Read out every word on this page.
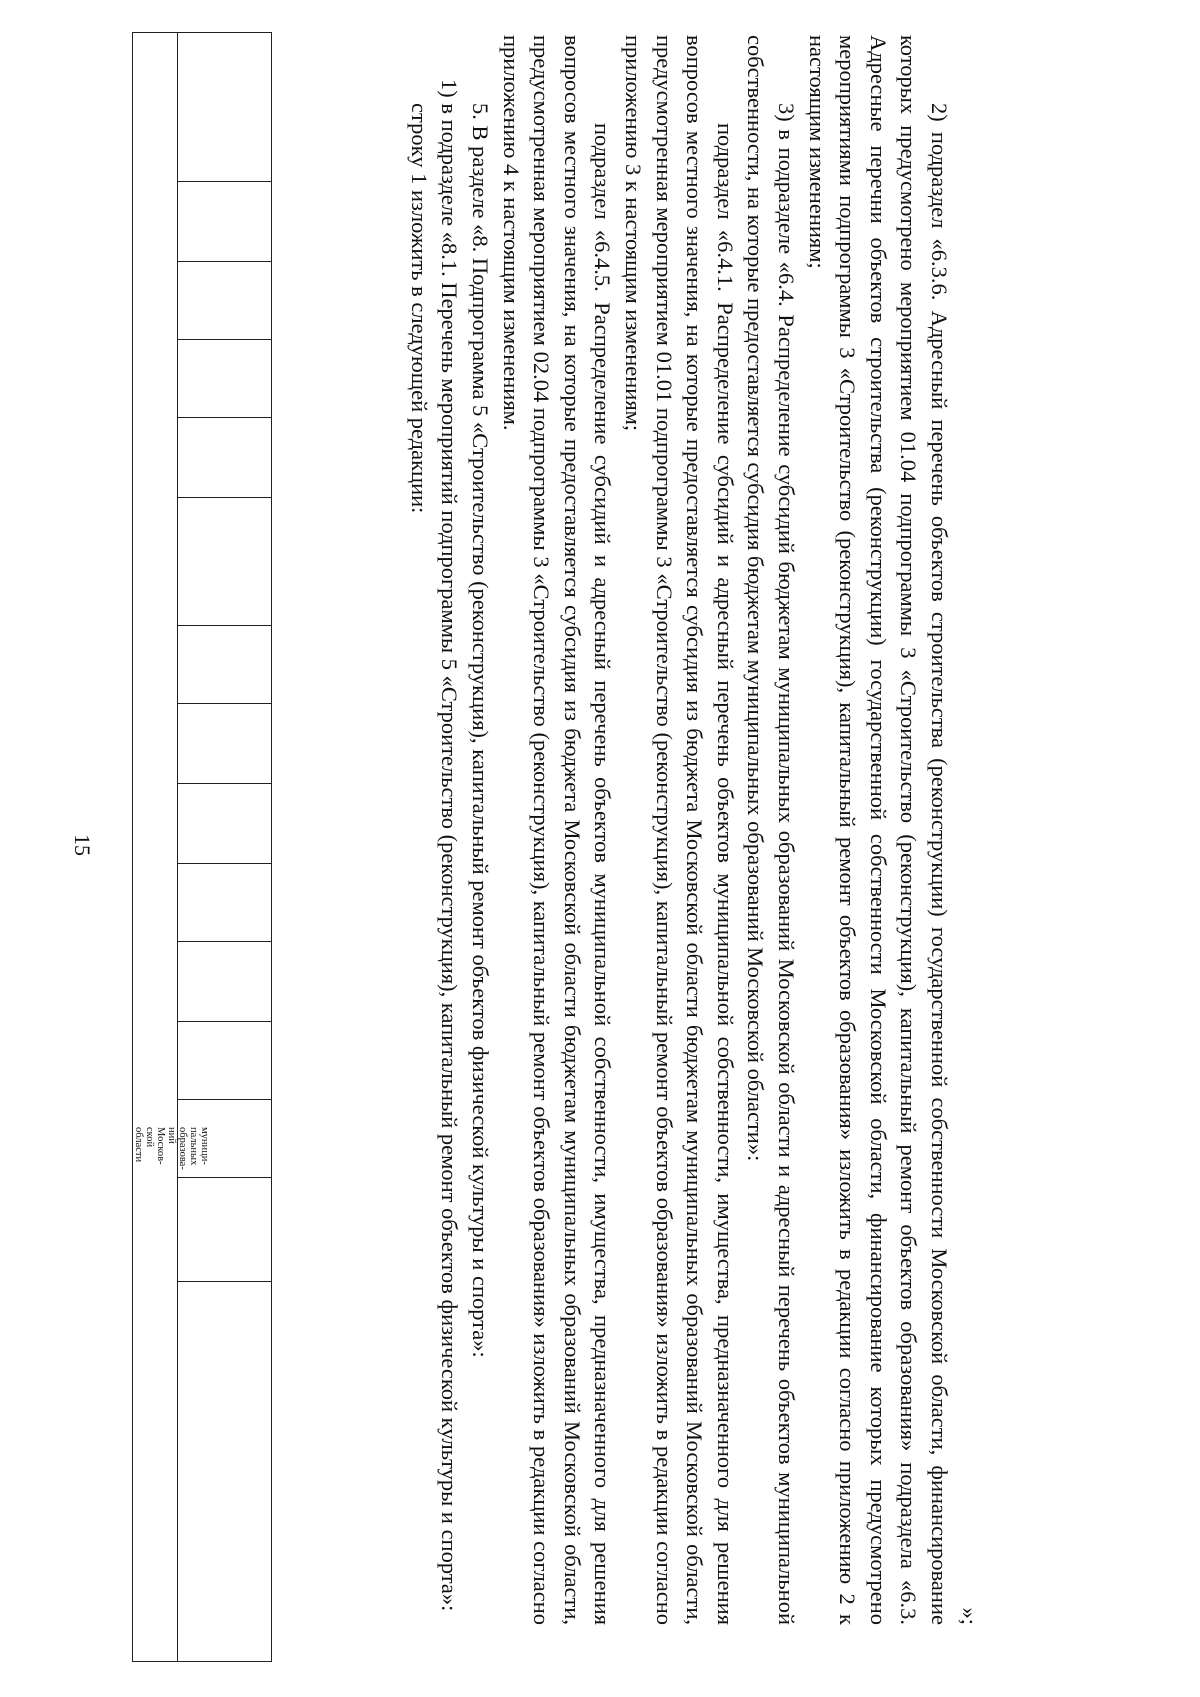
15
муници-
пальных
образова-
ний
Москов-
ской
области
»;

2) подраздел «6.3.6. Адресный перечень объектов строительства (реконструкции) государственной собственности Московской области, финансирование которых предусмотрено мероприятием 01.04 подпрограммы 3 «Строительство (реконструкция), капитальный ремонт объектов образования» подраздела «6.3. Адресные перечни объектов строительства (реконструкции) государственной собственности Московской области, финансирование которых предусмотрено мероприятиями подпрограммы 3 «Строительство (реконструкция), капитальный ремонт объектов образования» изложить в редакции согласно приложению 2 к настоящим изменениям;

3) в подразделе «6.4. Распределение субсидий бюджетам муниципальных образований Московской области и адресный перечень объектов муниципальной собственности, на которые предоставляется субсидия бюджетам муниципальных образований Московской области»:

подраздел «6.4.1. Распределение субсидий и адресный перечень объектов муниципальной собственности, имущества, предназначенного для решения вопросов местного значения, на которые предоставляется субсидия из бюджета Московской области бюджетам муниципальных образований Московской области, предусмотренная мероприятием 01.01 подпрограммы 3 «Строительство (реконструкция), капитальный ремонт объектов образования» изложить в редакции согласно приложению 3 к настоящим изменениям;

подраздел «6.4.5. Распределение субсидий и адресный перечень объектов муниципальной собственности, имущества, предназначенного для решения вопросов местного значения, на которые предоставляется субсидия из бюджета Московской области бюджетам муниципальных образований Московской области, предусмотренная мероприятием 02.04 подпрограммы 3 «Строительство (реконструкция), капитальный ремонт объектов образования» изложить в редакции согласно приложению 4 к настоящим изменениям.

5. В разделе «8. Подпрограмма 5 «Строительство (реконструкция), капитальный ремонт объектов физической культуры и спорта»:

1) в подразделе «8.1. Перечень мероприятий подпрограммы 5 «Строительство (реконструкция), капитальный ремонт объектов физической культуры и спорта»:

строку 1 изложить в следующей редакции:
